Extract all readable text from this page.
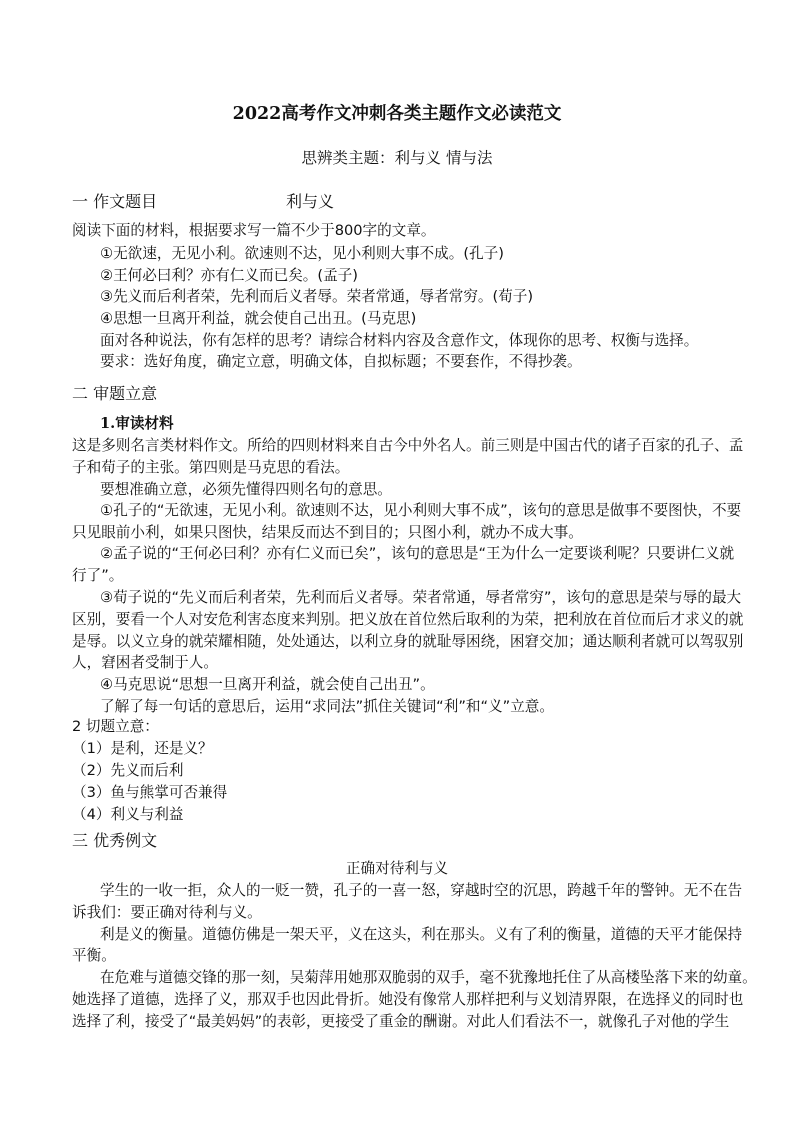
2022高考作文冲刺各类主题作文必读范文
思辨类主题：利与义 情与法
一 作文题目	利与义
阅读下面的材料，根据要求写一篇不少于800字的文章。
①无欲速，无见小利。欲速则不达，见小利则大事不成。(孔子)
②王何必曰利？亦有仁义而已矣。(孟子)
③先义而后利者荣，先利而后义者辱。荣者常通，辱者常穷。(荀子)
④思想一旦离开利益，就会使自己出丑。(马克思)
面对各种说法，你有怎样的思考？请综合材料内容及含意作文，体现你的思考、权衡与选择。
要求：选好角度，确定立意，明确文体，自拟标题；不要套作，不得抄袭。
二 审题立意
1.审读材料
这是多则名言类材料作文。所给的四则材料来自古今中外名人。前三则是中国古代的诸子百家的孔子、孟
子和荀子的主张。第四则是马克思的看法。
要想准确立意，必须先懂得四则名句的意思。
①孔子的“无欲速，无见小利。欲速则不达，见小利则大事不成”，该句的意思是做事不要图快，不要
只见眼前小利，如果只图快，结果反而达不到目的；只图小利，就办不成大事。
②孟子说的“王何必曰利？亦有仁义而已矣”，该句的意思是“王为什么一定要谈利呢？只要讲仁义就
行了”。
③荀子说的“先义而后利者荣，先利而后义者辱。荣者常通，辱者常穷”，该句的意思是荣与辱的最大
区别，要看一个人对安危利害态度来判别。把义放在首位然后取利的为荣，把利放在首位而后才求义的就
是辱。以义立身的就荣耀相随，处处通达，以利立身的就耻辱困绕，困窘交加；通达顺利者就可以驾驭别
人，窘困者受制于人。
④马克思说“思想一旦离开利益，就会使自己出丑”。
了解了每一句话的意思后，运用“求同法”抓住关键词“利”和“义”立意。
2 切题立意：
（1）是利，还是义？
（2）先义而后利
（3）鱼与熊掌可否兼得
（4）利义与利益
三 优秀例文
正确对待利与义
学生的一收一拒，众人的一贬一赞，孔子的一喜一怒，穿越时空的沉思，跨越千年的警钟。无不在告
诉我们：要正确对待利与义。
利是义的衡量。道德仿佛是一架天平，义在这头，利在那头。义有了利的衡量，道德的天平才能保持
平衡。
在危难与道德交锋的那一刻，吴菊萍用她那双脆弱的双手，毫不犹豫地托住了从高楼坠落下来的幼童。
她选择了道德，选择了义，那双手也因此骨折。她没有像常人那样把利与义划清界限，在选择义的同时也
选择了利，接受了“最美妈妈”的表彰，更接受了重金的酬谢。对此人们看法不一，就像孔子对他的学生
